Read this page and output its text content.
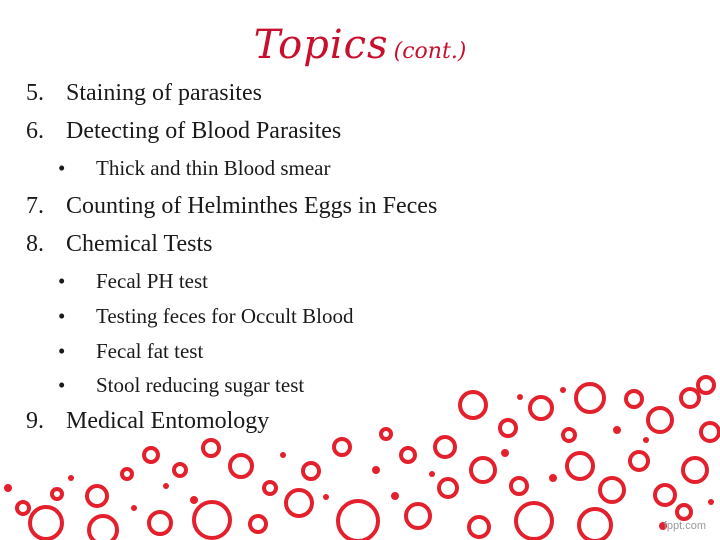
Topics (cont.)
5. Staining of parasites
6. Detecting of Blood Parasites
• Thick and thin Blood smear
7. Counting of Helminthes Eggs in Feces
8. Chemical Tests
• Fecal PH test
• Testing feces for Occult Blood
• Fecal fat test
• Stool reducing sugar test
9. Medical Entomology
fppt.com
